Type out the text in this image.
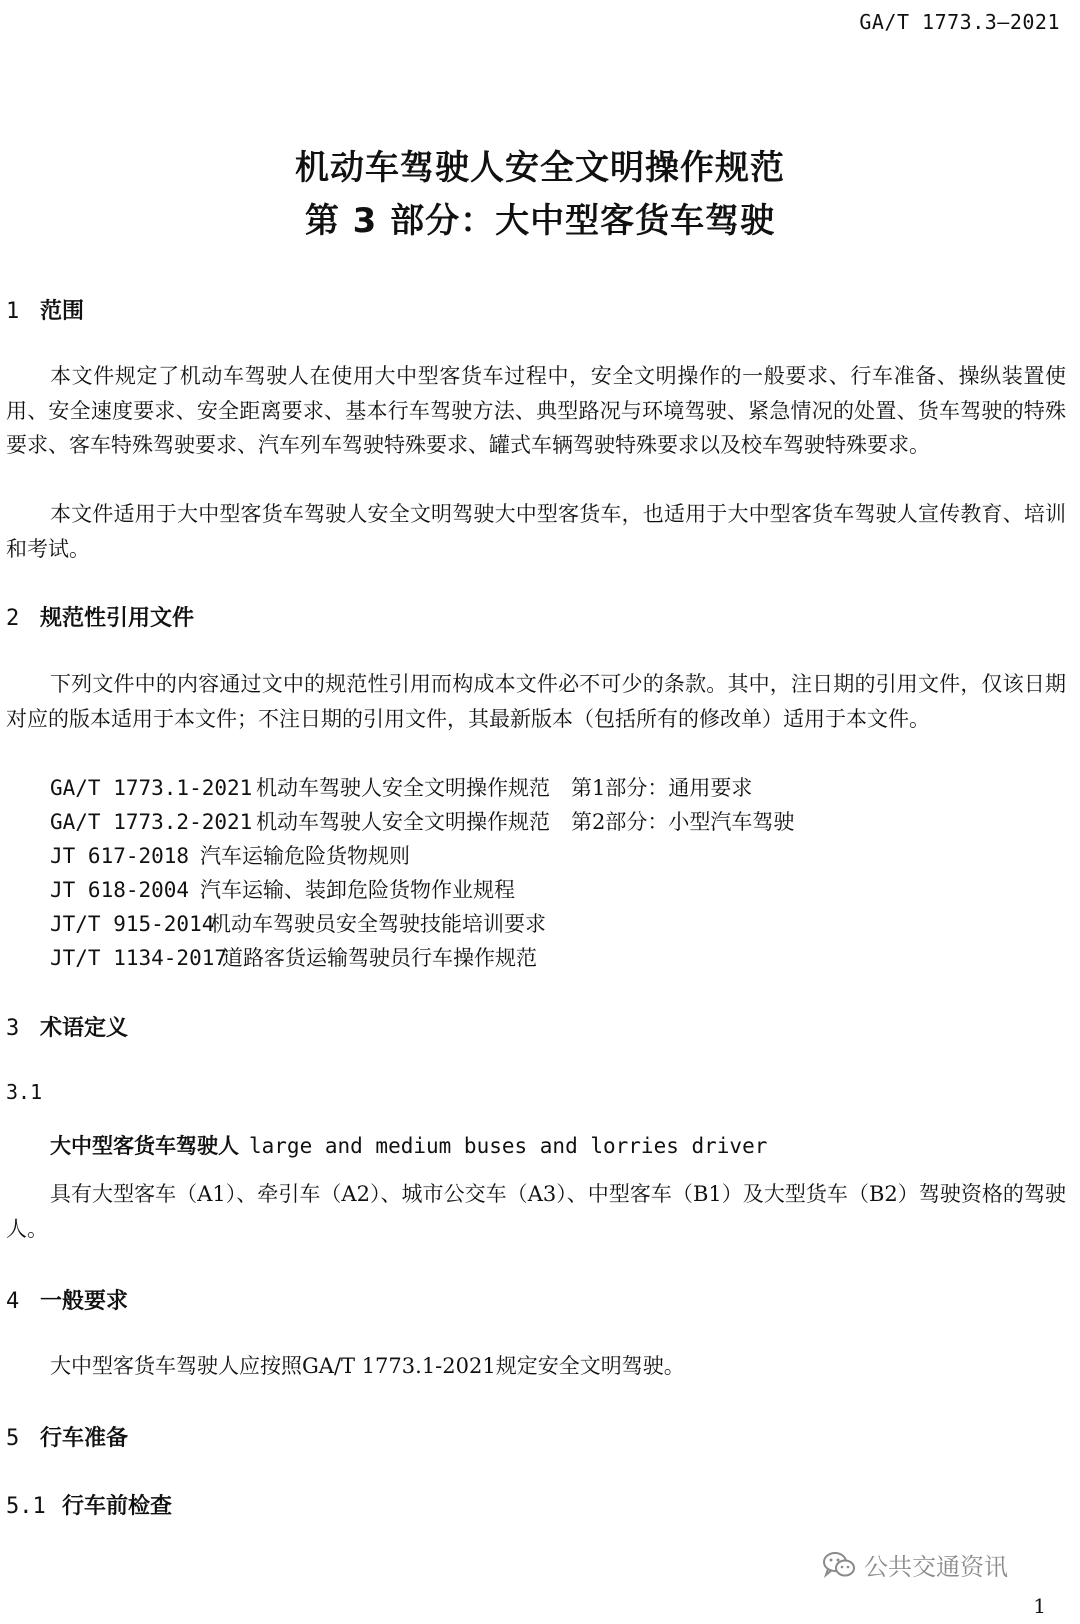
GA/T 1773.3—2021
机动车驾驶人安全文明操作规范
第 3 部分：大中型客货车驾驶
1 范围
本文件规定了机动车驾驶人在使用大中型客货车过程中，安全文明操作的一般要求、行车准备、操纵装置使用、安全速度要求、安全距离要求、基本行车驾驶方法、典型路况与环境驾驶、紧急情况的处置、货车驾驶的特殊要求、客车特殊驾驶要求、汽车列车驾驶特殊要求、罐式车辆驾驶特殊要求以及校车驾驶特殊要求。
本文件适用于大中型客货车驾驶人安全文明驾驶大中型客货车，也适用于大中型客货车驾驶人宣传教育、培训和考试。
2 规范性引用文件
下列文件中的内容通过文中的规范性引用而构成本文件必不可少的条款。其中，注日期的引用文件，仅该日期对应的版本适用于本文件；不注日期的引用文件，其最新版本（包括所有的修改单）适用于本文件。
GA/T 1773.1-2021 机动车驾驶人安全文明操作规范　第1部分：通用要求
GA/T 1773.2-2021 机动车驾驶人安全文明操作规范　第2部分：小型汽车驾驶
JT 617-2018 汽车运输危险货物规则
JT 618-2004 汽车运输、装卸危险货物作业规程
JT/T 915-2014机动车驾驶员安全驾驶技能培训要求
JT/T 1134-2017道路客货运输驾驶员行车操作规范
3 术语定义
3.1
大中型客货车驾驶人 large and medium buses and lorries driver
具有大型客车（A1）、牵引车（A2）、城市公交车（A3）、中型客车（B1）及大型货车（B2）驾驶资格的驾驶人。
4 一般要求
大中型客货车驾驶人应按照GA/T 1773.1-2021规定安全文明驾驶。
5 行车准备
5.1 行车前检查
公共交通资讯
1
